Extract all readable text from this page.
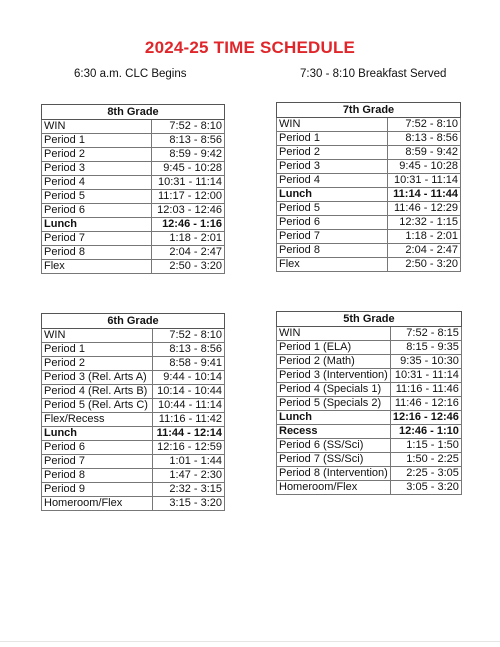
2024-25 TIME SCHEDULE
6:30 a.m. CLC Begins	7:30 - 8:10 Breakfast Served
8th Grade	
WIN	7:52 - 8:10
Period 1	8:13 - 8:56
Period 2	8:59 - 9:42
Period 3	9:45 - 10:28
Period 4	10:31 - 11:14
Period 5	11:17 - 12:00
Period 6	12:03 - 12:46
Lunch	12:46 - 1:16
Period 7	1:18 - 2:01
Period 8	2:04 - 2:47
Flex	2:50 - 3:20
7th Grade	
WIN	7:52 - 8:10
Period 1	8:13 - 8:56
Period 2	8:59 - 9:42
Period 3	9:45 - 10:28
Period 4	10:31 - 11:14
Lunch	11:14 - 11:44
Period 5	11:46 - 12:29
Period 6	12:32 - 1:15
Period 7	1:18 - 2:01
Period 8	2:04 - 2:47
Flex	2:50 - 3:20
6th Grade	
WIN	7:52 - 8:10
Period 1	8:13 - 8:56
Period 2	8:58 - 9:41
Period 3 (Rel. Arts A)	9:44 - 10:14
Period 4 (Rel. Arts B)	10:14 - 10:44
Period 5 (Rel. Arts C)	10:44 - 11:14
Flex/Recess	11:16 - 11:42
Lunch	11:44 - 12:14
Period 6	12:16 - 12:59
Period 7	1:01 - 1:44
Period 8	1:47 - 2:30
Period 9	2:32 - 3:15
Homeroom/Flex	3:15 - 3:20
5th Grade	
WIN	7:52 - 8:15
Period 1 (ELA)	8:15 - 9:35
Period 2 (Math)	9:35 - 10:30
Period 3 (Intervention)	10:31 - 11:14
Period 4 (Specials 1)	11:16 - 11:46
Period 5 (Specials 2)	11:46 - 12:16
Lunch	12:16 - 12:46
Recess	12:46 - 1:10
Period 6 (SS/Sci)	1:15 - 1:50
Period 7 (SS/Sci)	1:50 - 2:25
Period 8 (Intervention)	2:25 - 3:05
Homeroom/Flex	3:05 - 3:20
